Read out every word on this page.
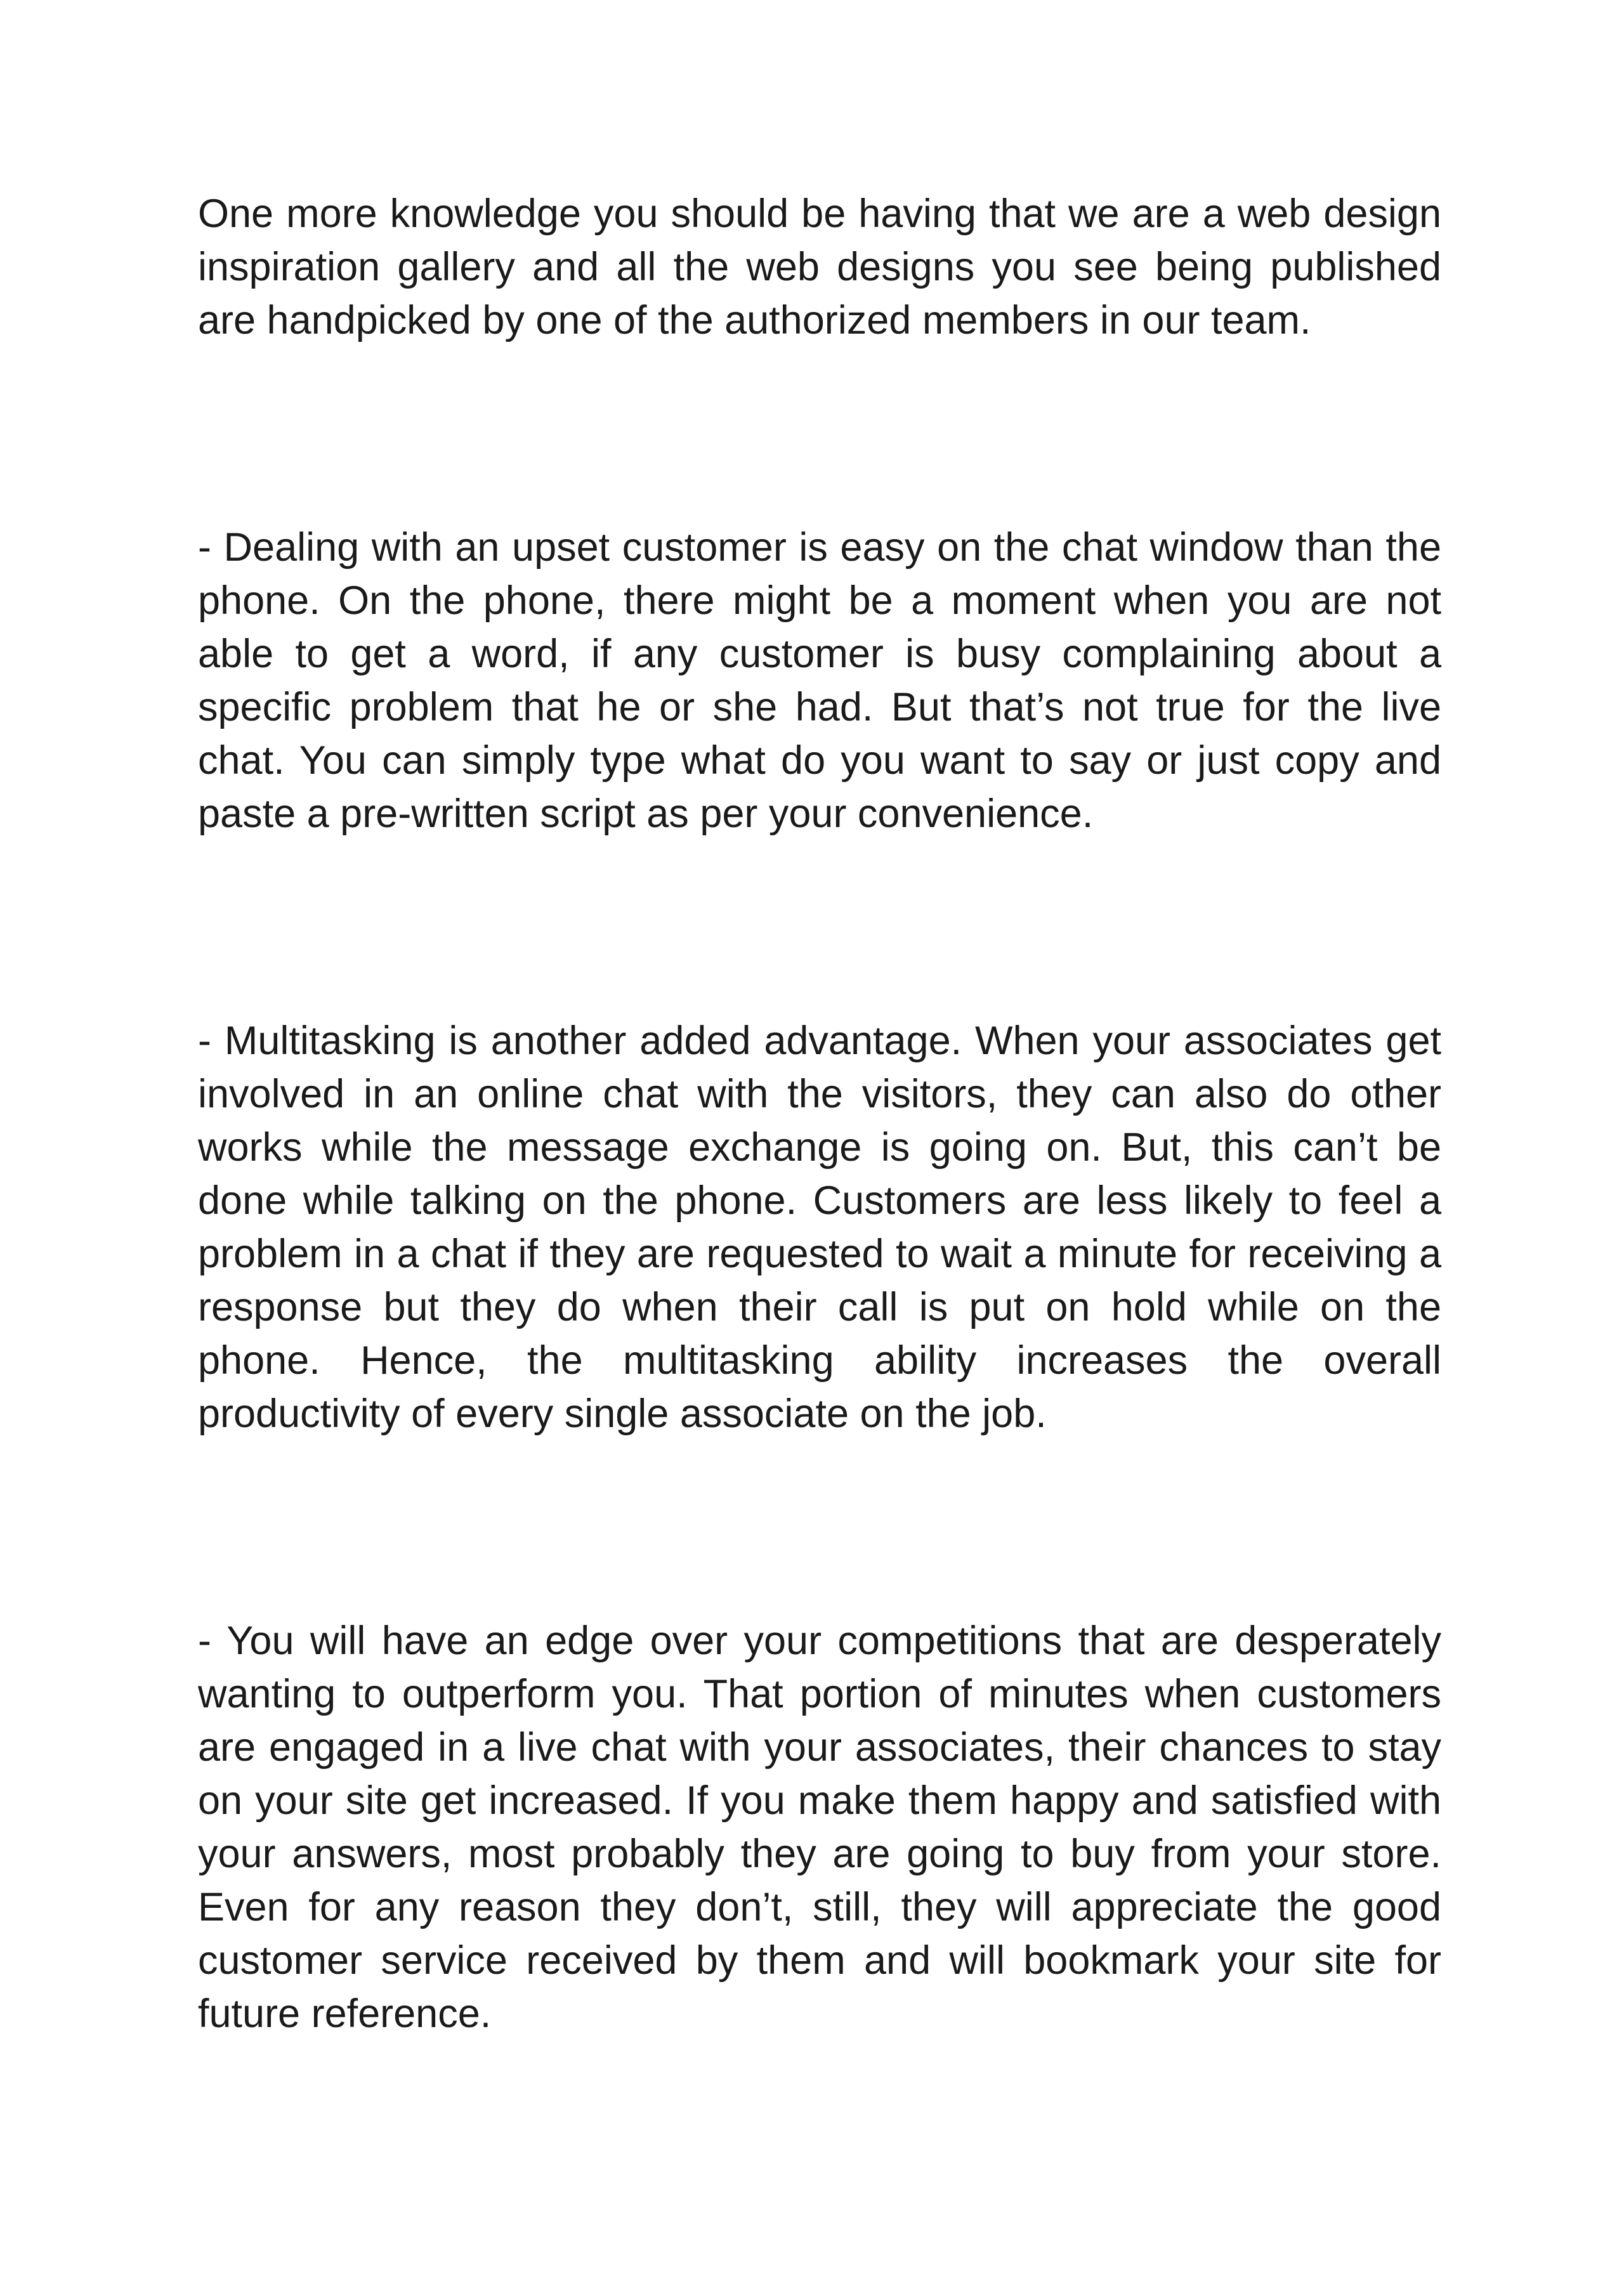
One more knowledge you should be having that we are a web design inspiration gallery and all the web designs you see being published are handpicked by one of the authorized members in our team.

- Dealing with an upset customer is easy on the chat window than the phone. On the phone, there might be a moment when you are not able to get a word, if any customer is busy complaining about a specific problem that he or she had. But that’s not true for the live chat. You can simply type what do you want to say or just copy and paste a pre-written script as per your convenience.

- Multitasking is another added advantage. When your associates get involved in an online chat with the visitors, they can also do other works while the message exchange is going on. But, this can’t be done while talking on the phone. Customers are less likely to feel a problem in a chat if they are requested to wait a minute for receiving a response but they do when their call is put on hold while on the phone. Hence, the multitasking ability increases the overall productivity of every single associate on the job.

- You will have an edge over your competitions that are desperately wanting to outperform you. That portion of minutes when customers are engaged in a live chat with your associates, their chances to stay on your site get increased. If you make them happy and satisfied with your answers, most probably they are going to buy from your store. Even for any reason they don’t, still, they will appreciate the good customer service received by them and will bookmark your site for future reference.
